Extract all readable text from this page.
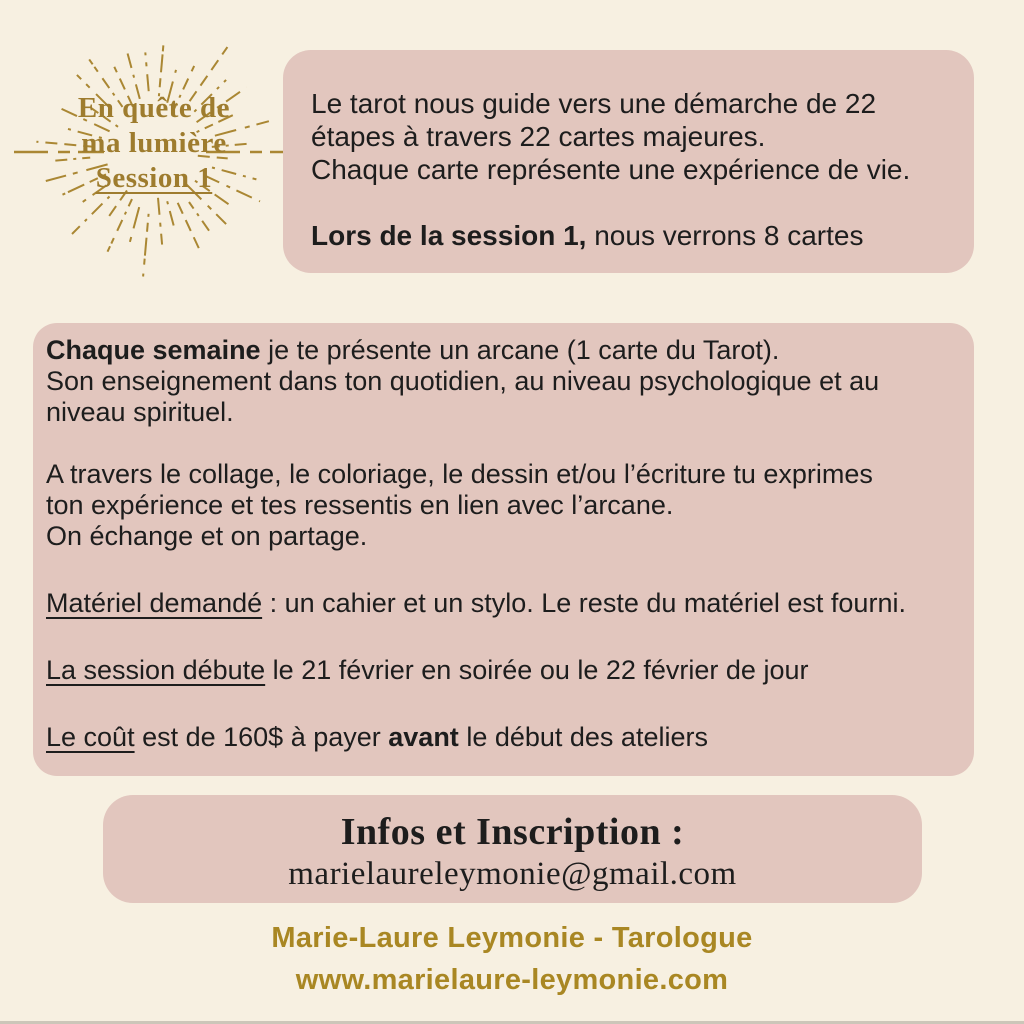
En quête de
ma lumière
Session 1
Le tarot nous guide vers une démarche de 22
étapes à travers 22 cartes majeures.
Chaque carte représente une expérience de vie.
Lors de la session 1, nous verrons 8 cartes
Chaque semaine je te présente un arcane (1 carte du Tarot).
Son enseignement dans ton quotidien, au niveau psychologique et au
niveau spirituel.
A travers le collage, le coloriage, le dessin et/ou l’écriture tu exprimes
ton expérience et tes ressentis en lien avec l’arcane.
On échange et on partage.
Matériel demandé : un cahier et un stylo. Le reste du matériel est fourni.
La session débute le 21 février en soirée ou le 22 février de jour
Le coût est de 160$ à payer avant le début des ateliers
Infos et Inscription :
marielaureleymonie@gmail.com
Marie-Laure Leymonie - Tarologue
www.marielaure-leymonie.com
